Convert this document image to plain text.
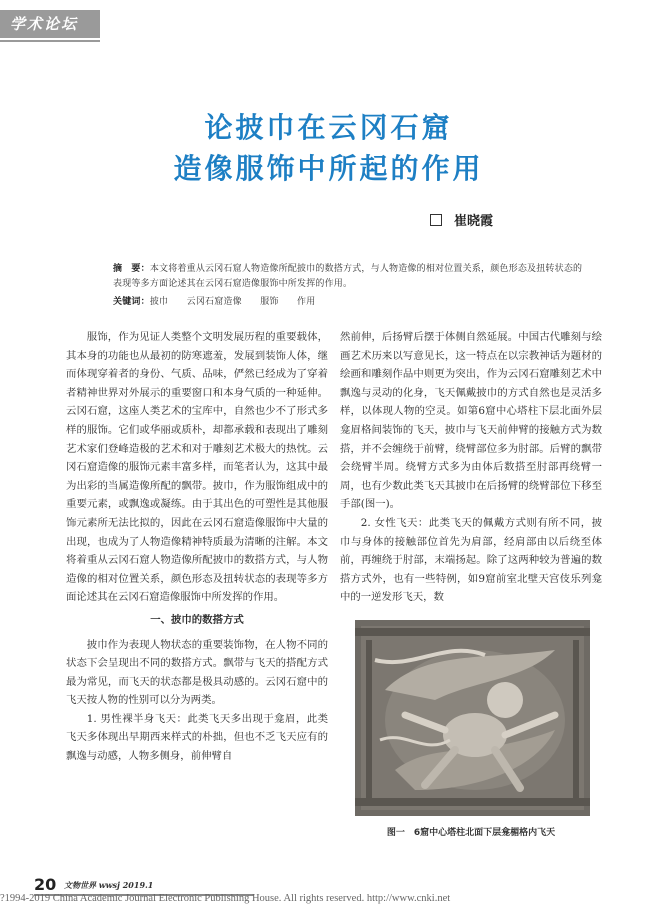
学术论坛
论披巾在云冈石窟
造像服饰中所起的作用
崔晓霞
摘　要：本文将着重从云冈石窟人物造像所配披巾的数搭方式，与人物造像的相对位置关系，颜色形态及扭转状态的表现等多方面论述其在云冈石窟造像服饰中所发挥的作用。
关键词：披巾　　云冈石窟造像　　服饰　　作用

服饰，作为见证人类整个文明发展历程的重要载体，其本身的功能也从最初的防寒遮羞，发展到装饰人体，继而体现穿着者的身份、气质、品味，俨然已经成为了穿着者精神世界对外展示的重要窗口和本身气质的一种延伸。云冈石窟，这座人类艺术的宝库中，自然也少不了形式多样的服饰。它们或华丽或质朴，却都承载和表现出了雕刻艺术家们登峰造极的艺术和对于雕刻艺术极大的热忱。云冈石窟造像的服饰元素丰富多样，而笔者认为，这其中最为出彩的当属造像所配的飘带。披巾，作为服饰组成中的重要元素，或飘逸或凝练。由于其出色的可塑性是其他服饰元素所无法比拟的，因此在云冈石窟造像服饰中大量的出现，也成为了人物造像精神特质最为清晰的注解。本文将着重从云冈石窟人物造像所配披巾的数搭方式，与人物造像的相对位置关系，颜色形态及扭转状态的表现等多方面论述其在云冈石窟造像服饰中所发挥的作用。

一、披巾的数搭方式

披巾作为表现人物状态的重要装饰物，在人物不同的状态下会呈现出不同的数搭方式。飘带与飞天的搭配方式最为常见，而飞天的状态都是极具动感的。云冈石窟中的飞天按人物的性别可以分为两类。

1. 男性裸半身飞天：此类飞天多出现于龛眉，此类飞天多体现出早期西来样式的朴拙，但也不乏飞天应有的飘逸与动感，人物多侧身，前伸臂自

然前伸，后扬臂后摆于体侧自然延展。中国古代雕刻与绘画艺术历来以写意见长，这一特点在以宗教神话为题材的绘画和雕刻作品中则更为突出，作为云冈石窟雕刻艺术中飘逸与灵动的化身，飞天佩戴披巾的方式自然也是灵活多样，以体现人物的空灵。如第6窟中心塔柱下层北面外层龛眉格间装饰的飞天，披巾与飞天前伸臂的接触方式为数搭，并不会缠绕于前臂，绕臂部位多为肘部。后臂的飘带会绕臂半周。绕臂方式多为由体后数搭至肘部再绕臂一周，也有少数此类飞天其披巾在后扬臂的绕臂部位下移至手部(图一)。

2. 女性飞天：此类飞天的佩戴方式则有所不同，披巾与身体的接触部位首先为肩部，经肩部由以后绕至体前，再缠绕于肘部，末端扬起。除了这两种较为普遍的数搭方式外，也有一些特例，如9窟前室北壁天宫伎乐列龛中的一逆发形飞天，数

图一　6窟中心塔柱北面下层龛楣格内飞天
20 文物世界 wwsj 2019.1
?1994-2019 China Academic Journal Electronic Publishing House. All rights reserved. http://www.cnki.net
